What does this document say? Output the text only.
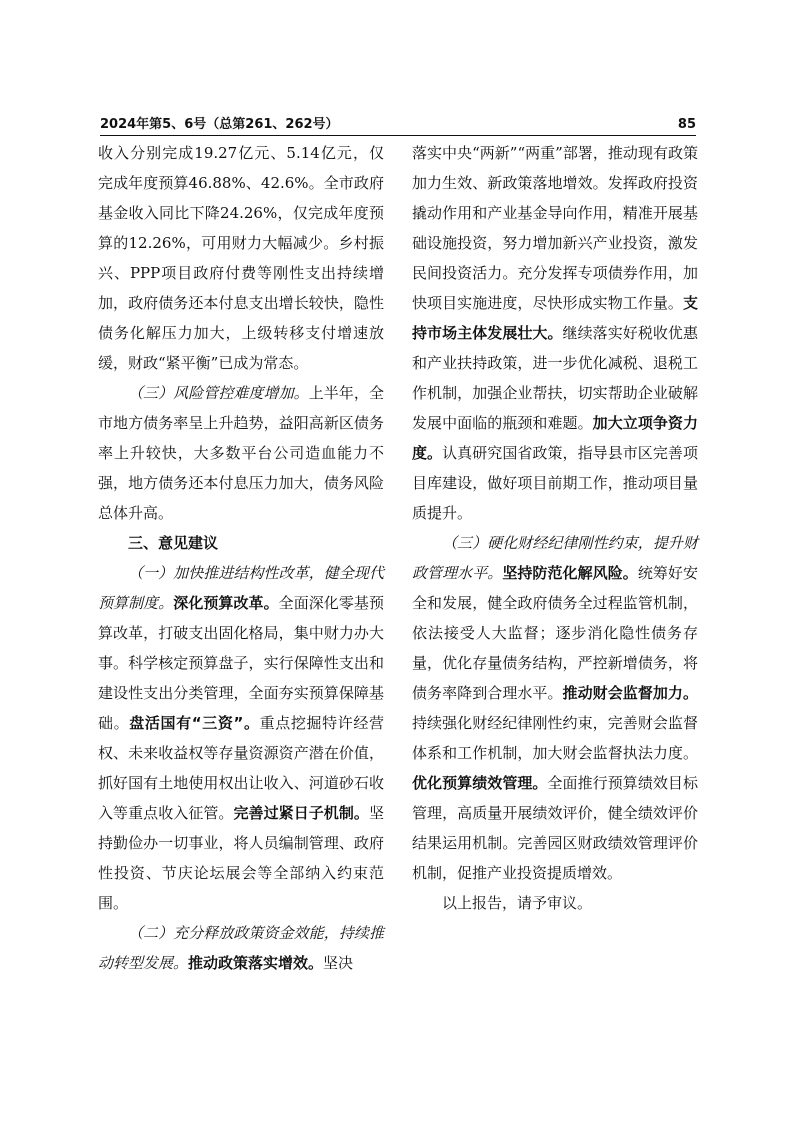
2024年第5、6号（总第261、262号）	85

收入分别完成19.27亿元、5.14亿元，仅完成年度预算46.88%、42.6%。全市政府基金收入同比下降24.26%，仅完成年度预算的12.26%，可用财力大幅减少。乡村振兴、PPP项目政府付费等刚性支出持续增加，政府债务还本付息支出增长较快，隐性债务化解压力加大，上级转移支付增速放缓，财政“紧平衡”已成为常态。

（三）风险管控难度增加。上半年，全市地方债务率呈上升趋势，益阳高新区债务率上升较快，大多数平台公司造血能力不强，地方债务还本付息压力加大，债务风险总体升高。

三、意见建议

（一）加快推进结构性改革，健全现代预算制度。深化预算改革。全面深化零基预算改革，打破支出固化格局，集中财力办大事。科学核定预算盘子，实行保障性支出和建设性支出分类管理，全面夯实预算保障基础。盘活国有“三资”。重点挖掘特许经营权、未来收益权等存量资源资产潜在价值，抓好国有土地使用权出让收入、河道砂石收入等重点收入征管。完善过紧日子机制。坚持勤俭办一切事业，将人员编制管理、政府性投资、节庆论坛展会等全部纳入约束范围。

（二）充分释放政策资金效能，持续推动转型发展。推动政策落实增效。坚决

落实中央“两新”“两重”部署，推动现有政策加力生效、新政策落地增效。发挥政府投资撬动作用和产业基金导向作用，精准开展基础设施投资，努力增加新兴产业投资，激发民间投资活力。充分发挥专项债券作用，加快项目实施进度，尽快形成实物工作量。支持市场主体发展壮大。继续落实好税收优惠和产业扶持政策，进一步优化减税、退税工作机制，加强企业帮扶，切实帮助企业破解发展中面临的瓶颈和难题。加大立项争资力度。认真研究国省政策，指导县市区完善项目库建设，做好项目前期工作，推动项目量质提升。

（三）硬化财经纪律刚性约束，提升财政管理水平。坚持防范化解风险。统筹好安全和发展，健全政府债务全过程监管机制，依法接受人大监督；逐步消化隐性债务存量，优化存量债务结构，严控新增债务，将债务率降到合理水平。推动财会监督加力。持续强化财经纪律刚性约束，完善财会监督体系和工作机制，加大财会监督执法力度。优化预算绩效管理。全面推行预算绩效目标管理，高质量开展绩效评价，健全绩效评价结果运用机制。完善园区财政绩效管理评价机制，促推产业投资提质增效。

以上报告，请予审议。
